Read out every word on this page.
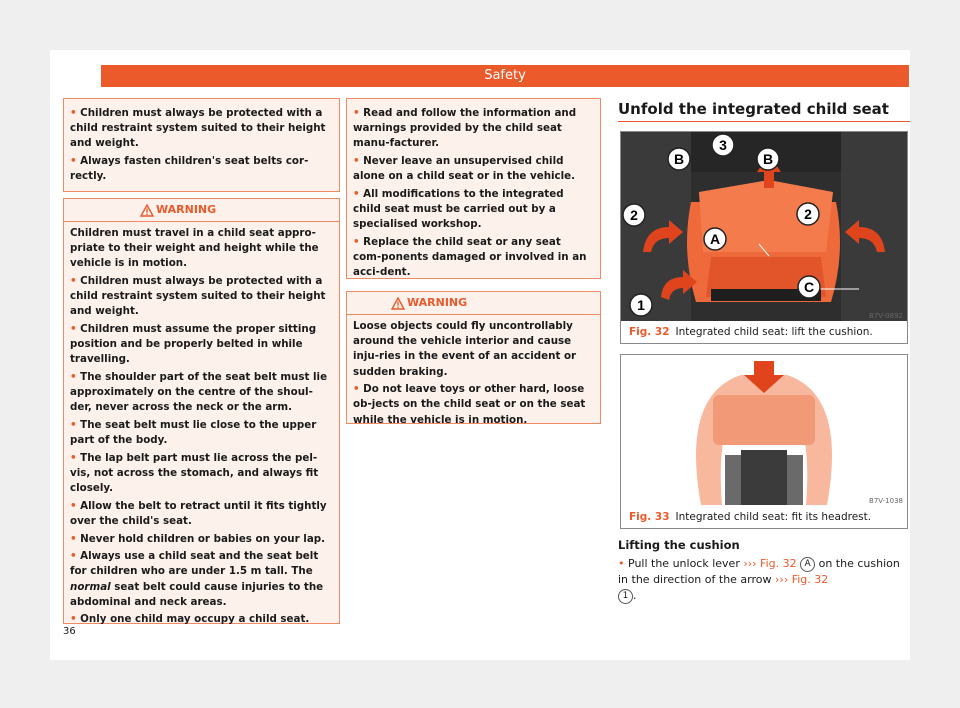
Safety

• Children must always be protected with a child restraint system suited to their height and weight.

• Always fasten children's seat belts cor-rectly.

WARNING

Children must travel in a child seat appro-priate to their weight and height while the vehicle is in motion.

• Children must always be protected with a child restraint system suited to their height and weight.

• Children must assume the proper sitting position and be properly belted in while travelling.

• The shoulder part of the seat belt must lie approximately on the centre of the shoul-der, never across the neck or the arm.

• The seat belt must lie close to the upper part of the body.

• The lap belt part must lie across the pel-vis, not across the stomach, and always fit closely.

• Allow the belt to retract until it fits tightly over the child's seat.

• Never hold children or babies on your lap.

• Always use a child seat and the seat belt for children who are under 1.5 m tall. The normal seat belt could cause injuries to the abdominal and neck areas.

• Only one child may occupy a child seat.

36

• Read and follow the information and warnings provided by the child seat manu-facturer.

• Never leave an unsupervised child alone on a child seat or in the vehicle.

• All modifications to the integrated child seat must be carried out by a specialised workshop.

• Replace the child seat or any seat com-ponents damaged or involved in an acci-dent.

WARNING

Loose objects could fly uncontrollably around the vehicle interior and cause inju-ries in the event of an accident or sudden braking.

• Do not leave toys or other hard, loose ob-jects on the child seat or on the seat while the vehicle is in motion.

Unfold the integrated child seat
B
3
B
2	2
A
C
1
B7V-0892
Fig. 32 Integrated child seat: lift the cushion.
B7V-1038
Fig. 33 Integrated child seat: fit its headrest.
Lifting the cushion
• Pull the unlock lever ››› Fig. 32 A on the cushion in the direction of the arrow ››› Fig. 32
1 .
